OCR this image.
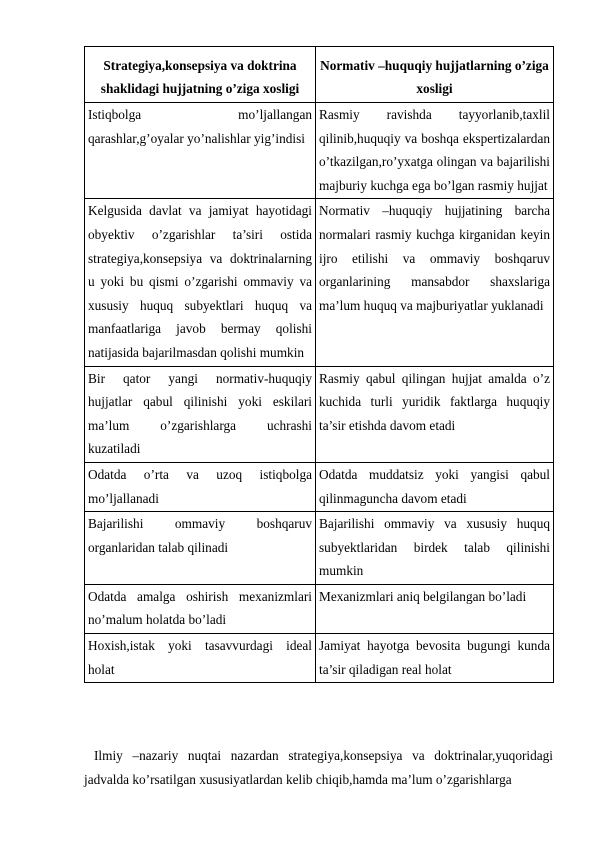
Strategiya,konsepsiya va doktrina shaklidagi hujjatning o’ziga xosligi	Normativ –huquqiy hujjatlarning o’ziga xosligi
Istiqbolga mo’ljallangan qarashlar,g’oyalar yo’nalishlar yig’indisi	Rasmiy ravishda tayyorlanib,taxlil qilinib,huquqiy va boshqa ekspertizalardan o’tkazilgan,ro’yxatga olingan va bajarilishi majburiy kuchga ega bo’lgan rasmiy hujjat
Kelgusida davlat va jamiyat hayotidagi obyektiv o’zgarishlar ta’siri ostida strategiya,konsepsiya va doktrinalarning u yoki bu qismi o’zgarishi ommaviy va xususiy huquq subyektlari huquq va manfaatlariga javob bermay qolishi natijasida bajarilmasdan qolishi mumkin	Normativ –huquqiy hujjatining barcha normalari rasmiy kuchga kirganidan keyin ijro etilishi va ommaviy boshqaruv organlarining mansabdor shaxslariga ma’lum huquq va majburiyatlar yuklanadi
Bir qator yangi normativ-huquqiy hujjatlar qabul qilinishi yoki eskilari ma’lum o’zgarishlarga uchrashi kuzatiladi	Rasmiy qabul qilingan hujjat amalda o’z kuchida turli yuridik faktlarga huquqiy ta’sir etishda davom etadi
Odatda o’rta va uzoq istiqbolga mo’ljallanadi	Odatda muddatsiz yoki yangisi qabul qilinmaguncha davom etadi
Bajarilishi ommaviy boshqaruv organlaridan talab qilinadi	Bajarilishi ommaviy va xususiy huquq subyektlaridan birdek talab qilinishi mumkin
Odatda amalga oshirish mexanizmlari no’malum holatda bo’ladi	Mexanizmlari aniq belgilangan bo’ladi
Hoxish,istak yoki tasavvurdagi ideal holat	Jamiyat hayotga bevosita bugungi kunda ta’sir qiladigan real holat

Ilmiy –nazariy nuqtai nazardan strategiya,konsepsiya va doktrinalar,yuqoridagi jadvalda ko’rsatilgan xususiyatlardan kelib chiqib,hamda ma’lum o’zgarishlarga
